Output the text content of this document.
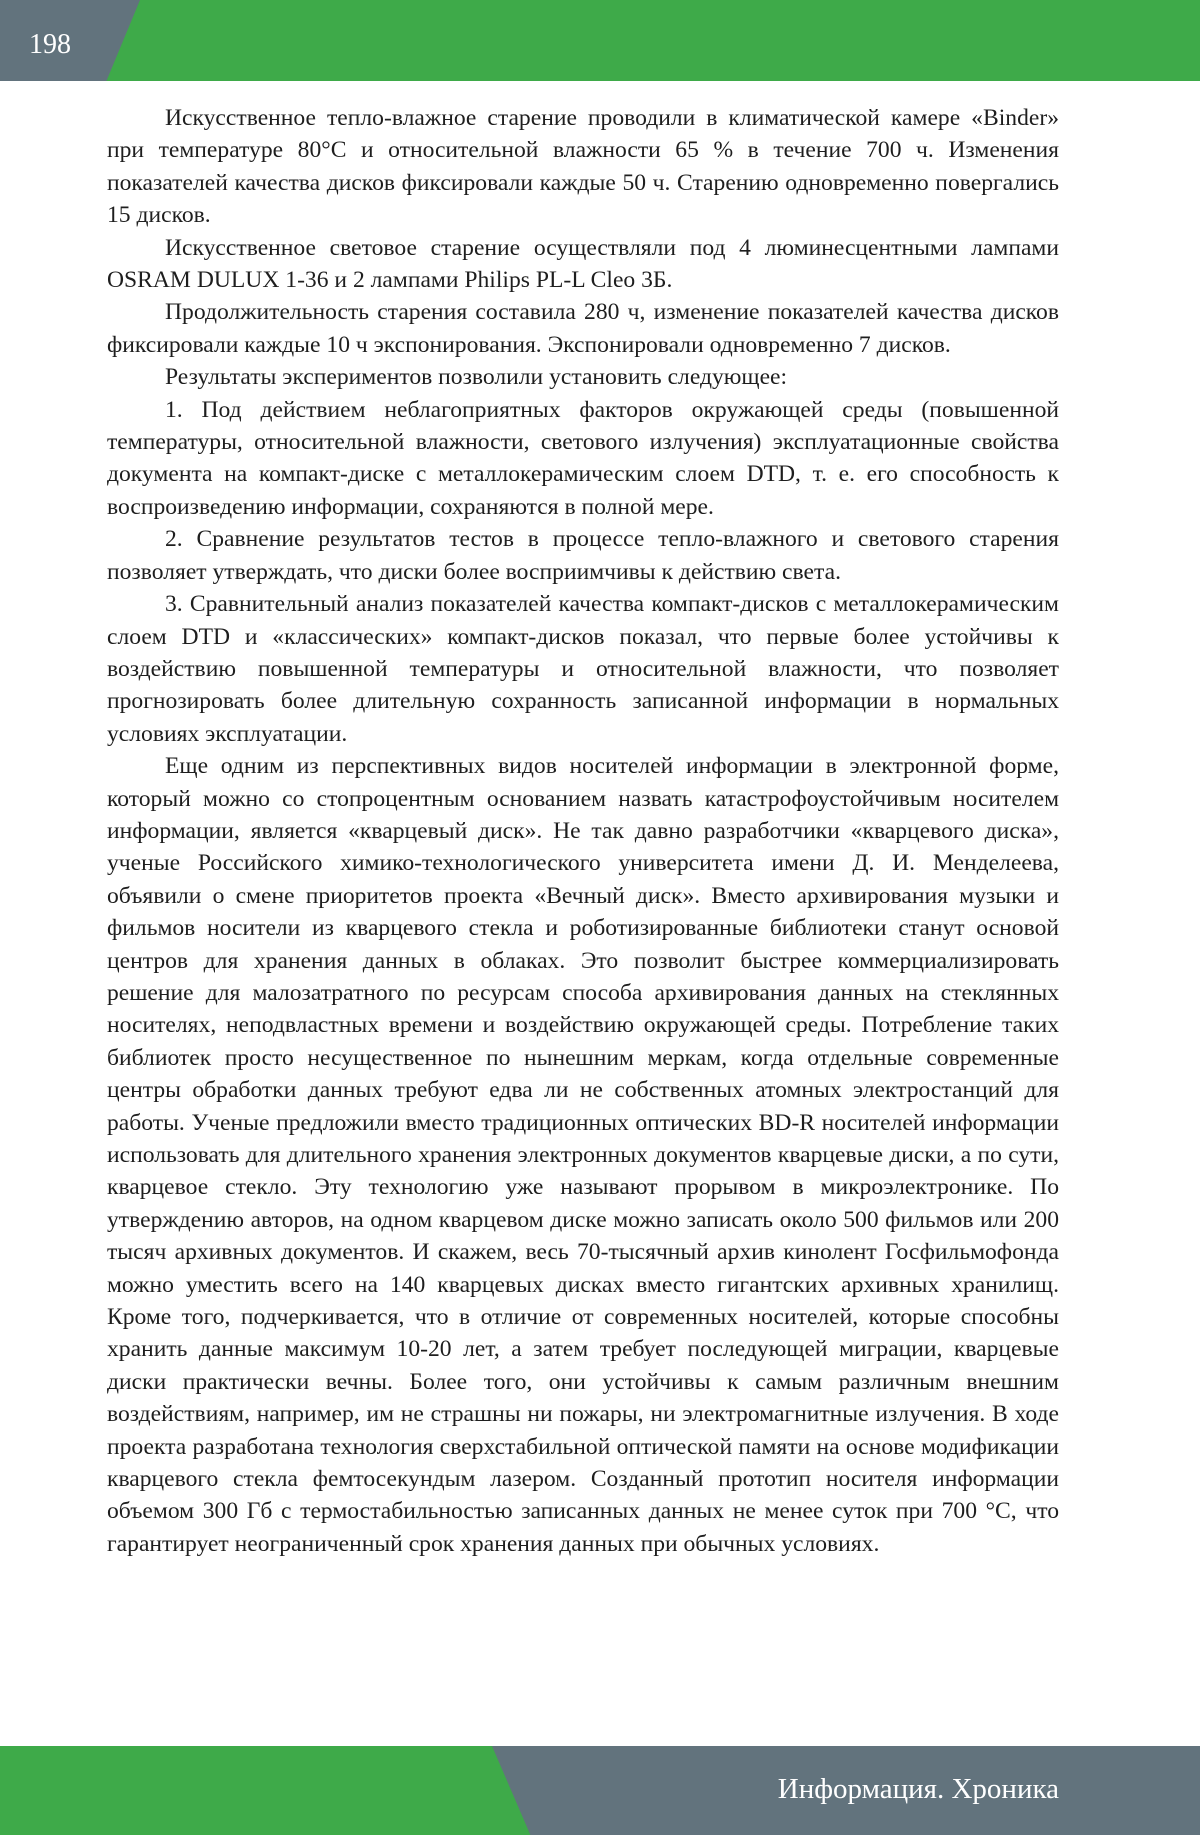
198

Искусственное тепло-влажное старение проводили в климатической камере «Binder» при температуре 80°С и относительной влажности 65 % в течение 700 ч. Изменения показателей качества дисков фиксировали каждые 50 ч. Старению одновременно повергались 15 дисков.

Искусственное световое старение осуществляли под 4 люминесцентными лампами OSRAM DULUX 1-36 и 2 лампами Philips PL-L Cleo 3Б.

Продолжительность старения составила 280 ч, изменение показателей качества дисков фиксировали каждые 10 ч экспонирования. Экспонировали одновременно 7 дисков.

Результаты экспериментов позволили установить следующее:

1. Под действием неблагоприятных факторов окружающей среды (повышенной температуры, относительной влажности, светового излучения) эксплуатационные свойства документа на компакт-диске с металлокерамическим слоем DTD, т. е. его способность к воспроизведению информации, сохраняются в полной мере.

2. Сравнение результатов тестов в процессе тепло-влажного и светового старения позволяет утверждать, что диски более восприимчивы к действию света.

3. Сравнительный анализ показателей качества компакт-дисков с металлокерамическим слоем DTD и «классических» компакт-дисков показал, что первые более устойчивы к воздействию повышенной температуры и относительной влажности, что позволяет прогнозировать более длительную сохранность записанной информации в нормальных условиях эксплуатации.

Еще одним из перспективных видов носителей информации в электронной форме, который можно со стопроцентным основанием назвать катастрофоустойчивым носителем информации, является «кварцевый диск». Не так давно разработчики «кварцевого диска», ученые Российского химико-технологического университета имени Д. И. Менделеева, объявили о смене приоритетов проекта «Вечный диск». Вместо архивирования музыки и фильмов носители из кварцевого стекла и роботизированные библиотеки станут основой центров для хранения данных в облаках. Это позволит быстрее коммерциализировать решение для малозатратного по ресурсам способа архивирования данных на стеклянных носителях, неподвластных времени и воздействию окружающей среды. Потребление таких библиотек просто несущественное по нынешним меркам, когда отдельные современные центры обработки данных требуют едва ли не собственных атомных электростанций для работы. Ученые предложили вместо традиционных оптических BD-R носителей информации использовать для длительного хранения электронных документов кварцевые диски, а по сути, кварцевое стекло. Эту технологию уже называют прорывом в микроэлектронике. По утверждению авторов, на одном кварцевом диске можно записать около 500 фильмов или 200 тысяч архивных документов. И скажем, весь 70-тысячный архив кинолент Госфильмофонда можно уместить всего на 140 кварцевых дисках вместо гигантских архивных хранилищ. Кроме того, подчеркивается, что в отличие от современных носителей, которые способны хранить данные максимум 10-20 лет, а затем требует последующей миграции, кварцевые диски практически вечны. Более того, они устойчивы к самым различным внешним воздействиям, например, им не страшны ни пожары, ни электромагнитные излучения. В ходе проекта разработана технология сверхстабильной оптической памяти на основе модификации кварцевого стекла фемтосекундым лазером. Созданный прототип носителя информации объемом 300 Гб с термостабильностью записанных данных не менее суток при 700 °С, что гарантирует неограниченный срок хранения данных при обычных условиях.

Информация. Хроника
